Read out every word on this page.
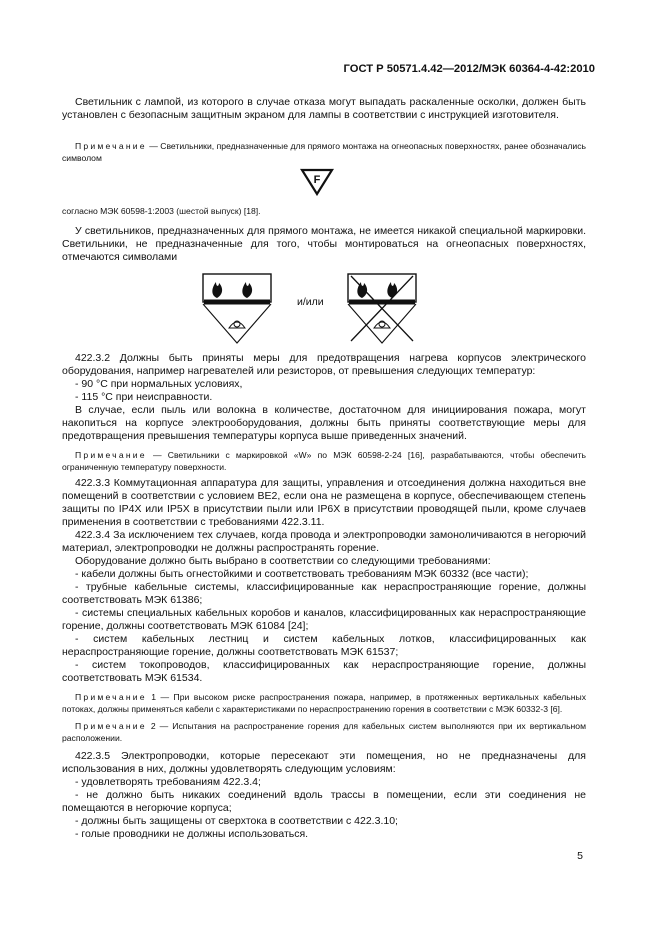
ГОСТ Р 50571.4.42—2012/МЭК 60364-4-42:2010

Светильник с лампой, из которого в случае отказа могут выпадать раскаленные осколки, должен быть установлен с безопасным защитным экраном для лампы в соответствии с инструкцией изготовителя.

Примечание — Светильники, предназначенные для прямого монтажа на огнеопасных поверхностях, ранее обозначались символом

F

согласно МЭК 60598-1:2003 (шестой выпуск) [18].

У светильников, предназначенных для прямого монтажа, не имеется никакой специальной маркировки. Светильники, не предназначенные для того, чтобы монтироваться на огнеопасных поверхностях, отмечаются символами

и/или

422.3.2 Должны быть приняты меры для предотвращения нагрева корпусов электрического оборудования, например нагревателей или резисторов, от превышения следующих температур:

- 90 °С при нормальных условиях,

- 115 °С при неисправности.

В случае, если пыль или волокна в количестве, достаточном для инициирования пожара, могут накопиться на корпусе электрооборудования, должны быть приняты соответствующие меры для предотвращения превышения температуры корпуса выше приведенных значений.

Примечание — Светильники с маркировкой «W» по МЭК 60598-2-24 [16], разрабатываются, чтобы обеспечить ограниченную температуру поверхности.

422.3.3 Коммутационная аппаратура для защиты, управления и отсоединения должна находиться вне помещений в соответствии с условием BE2, если она не размещена в корпусе, обеспечивающем степень защиты по IP4X или IP5X в присутствии пыли или IP6X в присутствии проводящей пыли, кроме случаев применения в соответствии с требованиями 422.3.11.

422.3.4 За исключением тех случаев, когда провода и электропроводки замоноличиваются в негорючий материал, электропроводки не должны распространять горение.

Оборудование должно быть выбрано в соответствии со следующими требованиями:

- кабели должны быть огнестойкими и соответствовать требованиям МЭК 60332 (все части);

- трубные кабельные системы, классифицированные как нераспространяющие горение, должны соответствовать МЭК 61386;

- системы специальных кабельных коробов и каналов, классифицированных как нераспространяющие горение, должны соответствовать МЭК 61084 [24];

- систем кабельных лестниц и систем кабельных лотков, классифицированных как нераспространяющие горение, должны соответствовать МЭК 61537;

- систем токопроводов, классифицированных как нераспространяющие горение, должны соответствовать МЭК 61534.

Примечание 1 — При высоком риске распространения пожара, например, в протяженных вертикальных кабельных потоках, должны применяться кабели с характеристиками по нераспространению горения в соответствии с МЭК 60332-3 [6].

Примечание 2 — Испытания на распространение горения для кабельных систем выполняются при их вертикальном расположении.

422.3.5 Электропроводки, которые пересекают эти помещения, но не предназначены для использования в них, должны удовлетворять следующим условиям:

- удовлетворять требованиям 422.3.4;

- не должно быть никаких соединений вдоль трассы в помещении, если эти соединения не помещаются в негорючие корпуса;

- должны быть защищены от сверхтока в соответствии с 422.3.10;

- голые проводники не должны использоваться.

5
